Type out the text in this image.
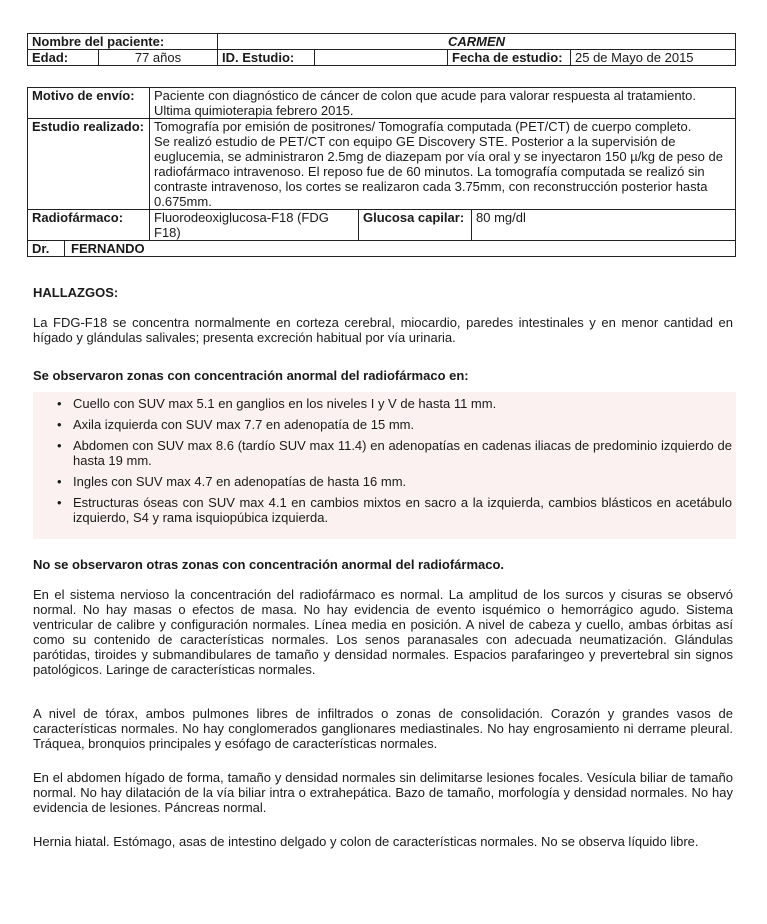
Nombre del paciente:		CARMEN			
Edad:	77 años	ID. Estudio:		Fecha de estudio:	25 de Mayo de 2015
Motivo de envío:	Paciente con diagnóstico de cáncer de colon que acude para valorar respuesta al tratamiento. Ultima quimioterapia febrero 2015.		
Estudio realizado:	Tomografía por emisión de positrones/ Tomografía computada (PET/CT) de cuerpo completo.
Se realizó estudio de PET/CT con equipo GE Discovery STE. Posterior a la supervisión de euglucemia, se administraron 2.5mg de diazepam por vía oral y se inyectaron 150 µ/kg de peso de radiofármaco intravenoso. El reposo fue de 60 minutos. La tomografía computada se realizó sin contraste intravenoso, los cortes se realizaron cada 3.75mm, con reconstrucción posterior hasta 0.675mm.		

Radiofármaco:	Fluorodeoxiglucosa-F18 (FDG F18)	Glucosa capilar:	80 mg/dl
Dr. FERNANDO			
HALLAZGOS:
La FDG-F18 se concentra normalmente en corteza cerebral, miocardio, paredes intestinales y en menor cantidad en hígado y glándulas salivales; presenta excreción habitual por vía urinaria.
Se observaron zonas con concentración anormal del radiofármaco en:
• Cuello con SUV max 5.1 en ganglios en los niveles I y V de hasta 11 mm.
• Axila izquierda con SUV max 7.7 en adenopatía de 15 mm.
• Abdomen con SUV max 8.6 (tardío SUV max 11.4) en adenopatías en cadenas iliacas de predominio izquierdo de hasta 19 mm.
• Ingles con SUV max 4.7 en adenopatías de hasta 16 mm.
• Estructuras óseas con SUV max 4.1 en cambios mixtos en sacro a la izquierda, cambios blásticos en acetábulo izquierdo, S4 y rama isquiopúbica izquierda.
No se observaron otras zonas con concentración anormal del radiofármaco.
En el sistema nervioso la concentración del radiofármaco es normal. La amplitud de los surcos y cisuras se observó normal. No hay masas o efectos de masa. No hay evidencia de evento isquémico o hemorrágico agudo. Sistema ventricular de calibre y configuración normales. Línea media en posición. A nivel de cabeza y cuello, ambas órbitas así como su contenido de características normales. Los senos paranasales con adecuada neumatización. Glándulas parótidas, tiroides y submandibulares de tamaño y densidad normales. Espacios parafaringeo y prevertebral sin signos patológicos. Laringe de características normales.
A nivel de tórax, ambos pulmones libres de infiltrados o zonas de consolidación. Corazón y grandes vasos de características normales. No hay conglomerados ganglionares mediastinales. No hay engrosamiento ni derrame pleural. Tráquea, bronquios principales y esófago de características normales.
En el abdomen hígado de forma, tamaño y densidad normales sin delimitarse lesiones focales. Vesícula biliar de tamaño normal. No hay dilatación de la vía biliar intra o extrahepática. Bazo de tamaño, morfología y densidad normales. No hay evidencia de lesiones. Páncreas normal.
Hernia hiatal. Estómago, asas de intestino delgado y colon de características normales. No se observa líquido libre.
